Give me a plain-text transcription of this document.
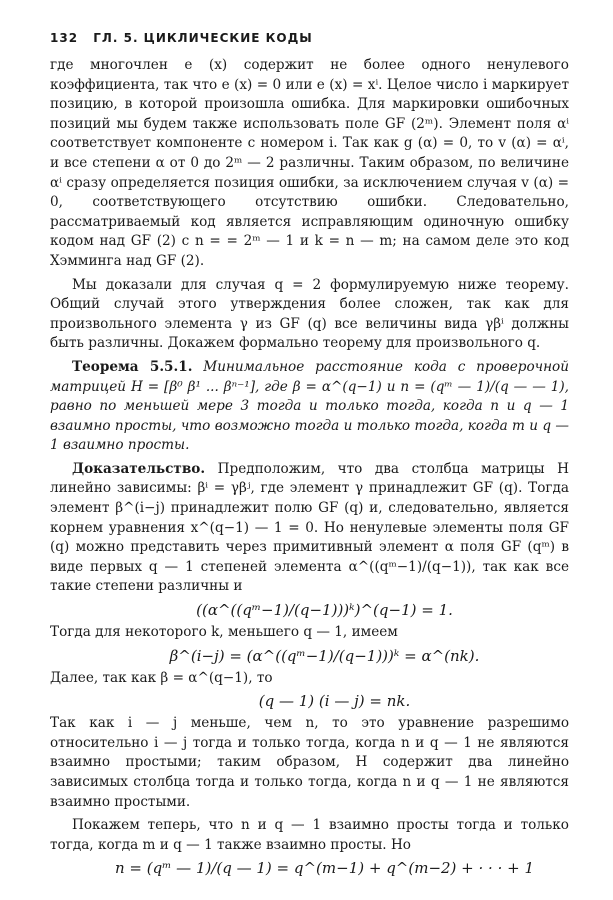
132 ГЛ. 5. ЦИКЛИЧЕСКИЕ КОДЫ

где многочлен e (x) содержит не более одного ненулевого коэффициента, так что e (x) = 0 или e (x) = xⁱ. Целое число i маркирует позицию, в которой произошла ошибка. Для маркировки ошибочных позиций мы будем также использовать поле GF (2ᵐ). Элемент поля αⁱ соответствует компоненте с номером i. Так как g (α) = 0, то v (α) = αⁱ, и все степени α от 0 до 2ᵐ — 2 различны. Таким образом, по величине αⁱ сразу определяется позиция ошибки, за исключением случая v (α) = 0, соответствующего отсутствию ошибки. Следовательно, рассматриваемый код является исправляющим одиночную ошибку кодом над GF (2) с n = = 2ᵐ — 1 и k = n — m; на самом деле это код Хэмминга над GF (2).

Мы доказали для случая q = 2 формулируемую ниже теорему. Общий случай этого утверждения более сложен, так как для произвольного элемента γ из GF (q) все величины вида γβⁱ должны быть различны. Докажем формально теорему для произвольного q.

Теорема 5.5.1. Минимальное расстояние кода с проверочной матрицей H = [β⁰ β¹ ... βⁿ⁻¹], где β = α^(q−1) и n = (qᵐ — 1)/(q — — 1), равно по меньшей мере 3 тогда и только тогда, когда n и q — 1 взаимно просты, что возможно тогда и только тогда, когда m и q — 1 взаимно просты.

Доказательство. Предположим, что два столбца матрицы H линейно зависимы: βⁱ = γβʲ, где элемент γ принадлежит GF (q). Тогда элемент β^(i−j) принадлежит полю GF (q) и, следовательно, является корнем уравнения x^(q−1) — 1 = 0. Но ненулевые элементы поля GF (q) можно представить через примитивный элемент α поля GF (qᵐ) в виде первых q — 1 степеней элемента α^((qᵐ−1)/(q−1)), так как все такие степени различны и

((α^((qᵐ−1)/(q−1)))ᵏ)^(q−1) = 1.

Тогда для некоторого k, меньшего q — 1, имеем

β^(i−j) = (α^((qᵐ−1)/(q−1)))ᵏ = α^(nk).

Далее, так как β = α^(q−1), то

(q — 1) (i — j) = nk.

Так как i — j меньше, чем n, то это уравнение разрешимо относительно i — j тогда и только тогда, когда n и q — 1 не являются взаимно простыми; таким образом, H содержит два линейно зависимых столбца тогда и только тогда, когда n и q — 1 не являются взаимно простыми.

Покажем теперь, что n и q — 1 взаимно просты тогда и только тогда, когда m и q — 1 также взаимно просты. Но

n = (qᵐ — 1)/(q — 1) = q^(m−1) + q^(m−2) + · · · + 1
